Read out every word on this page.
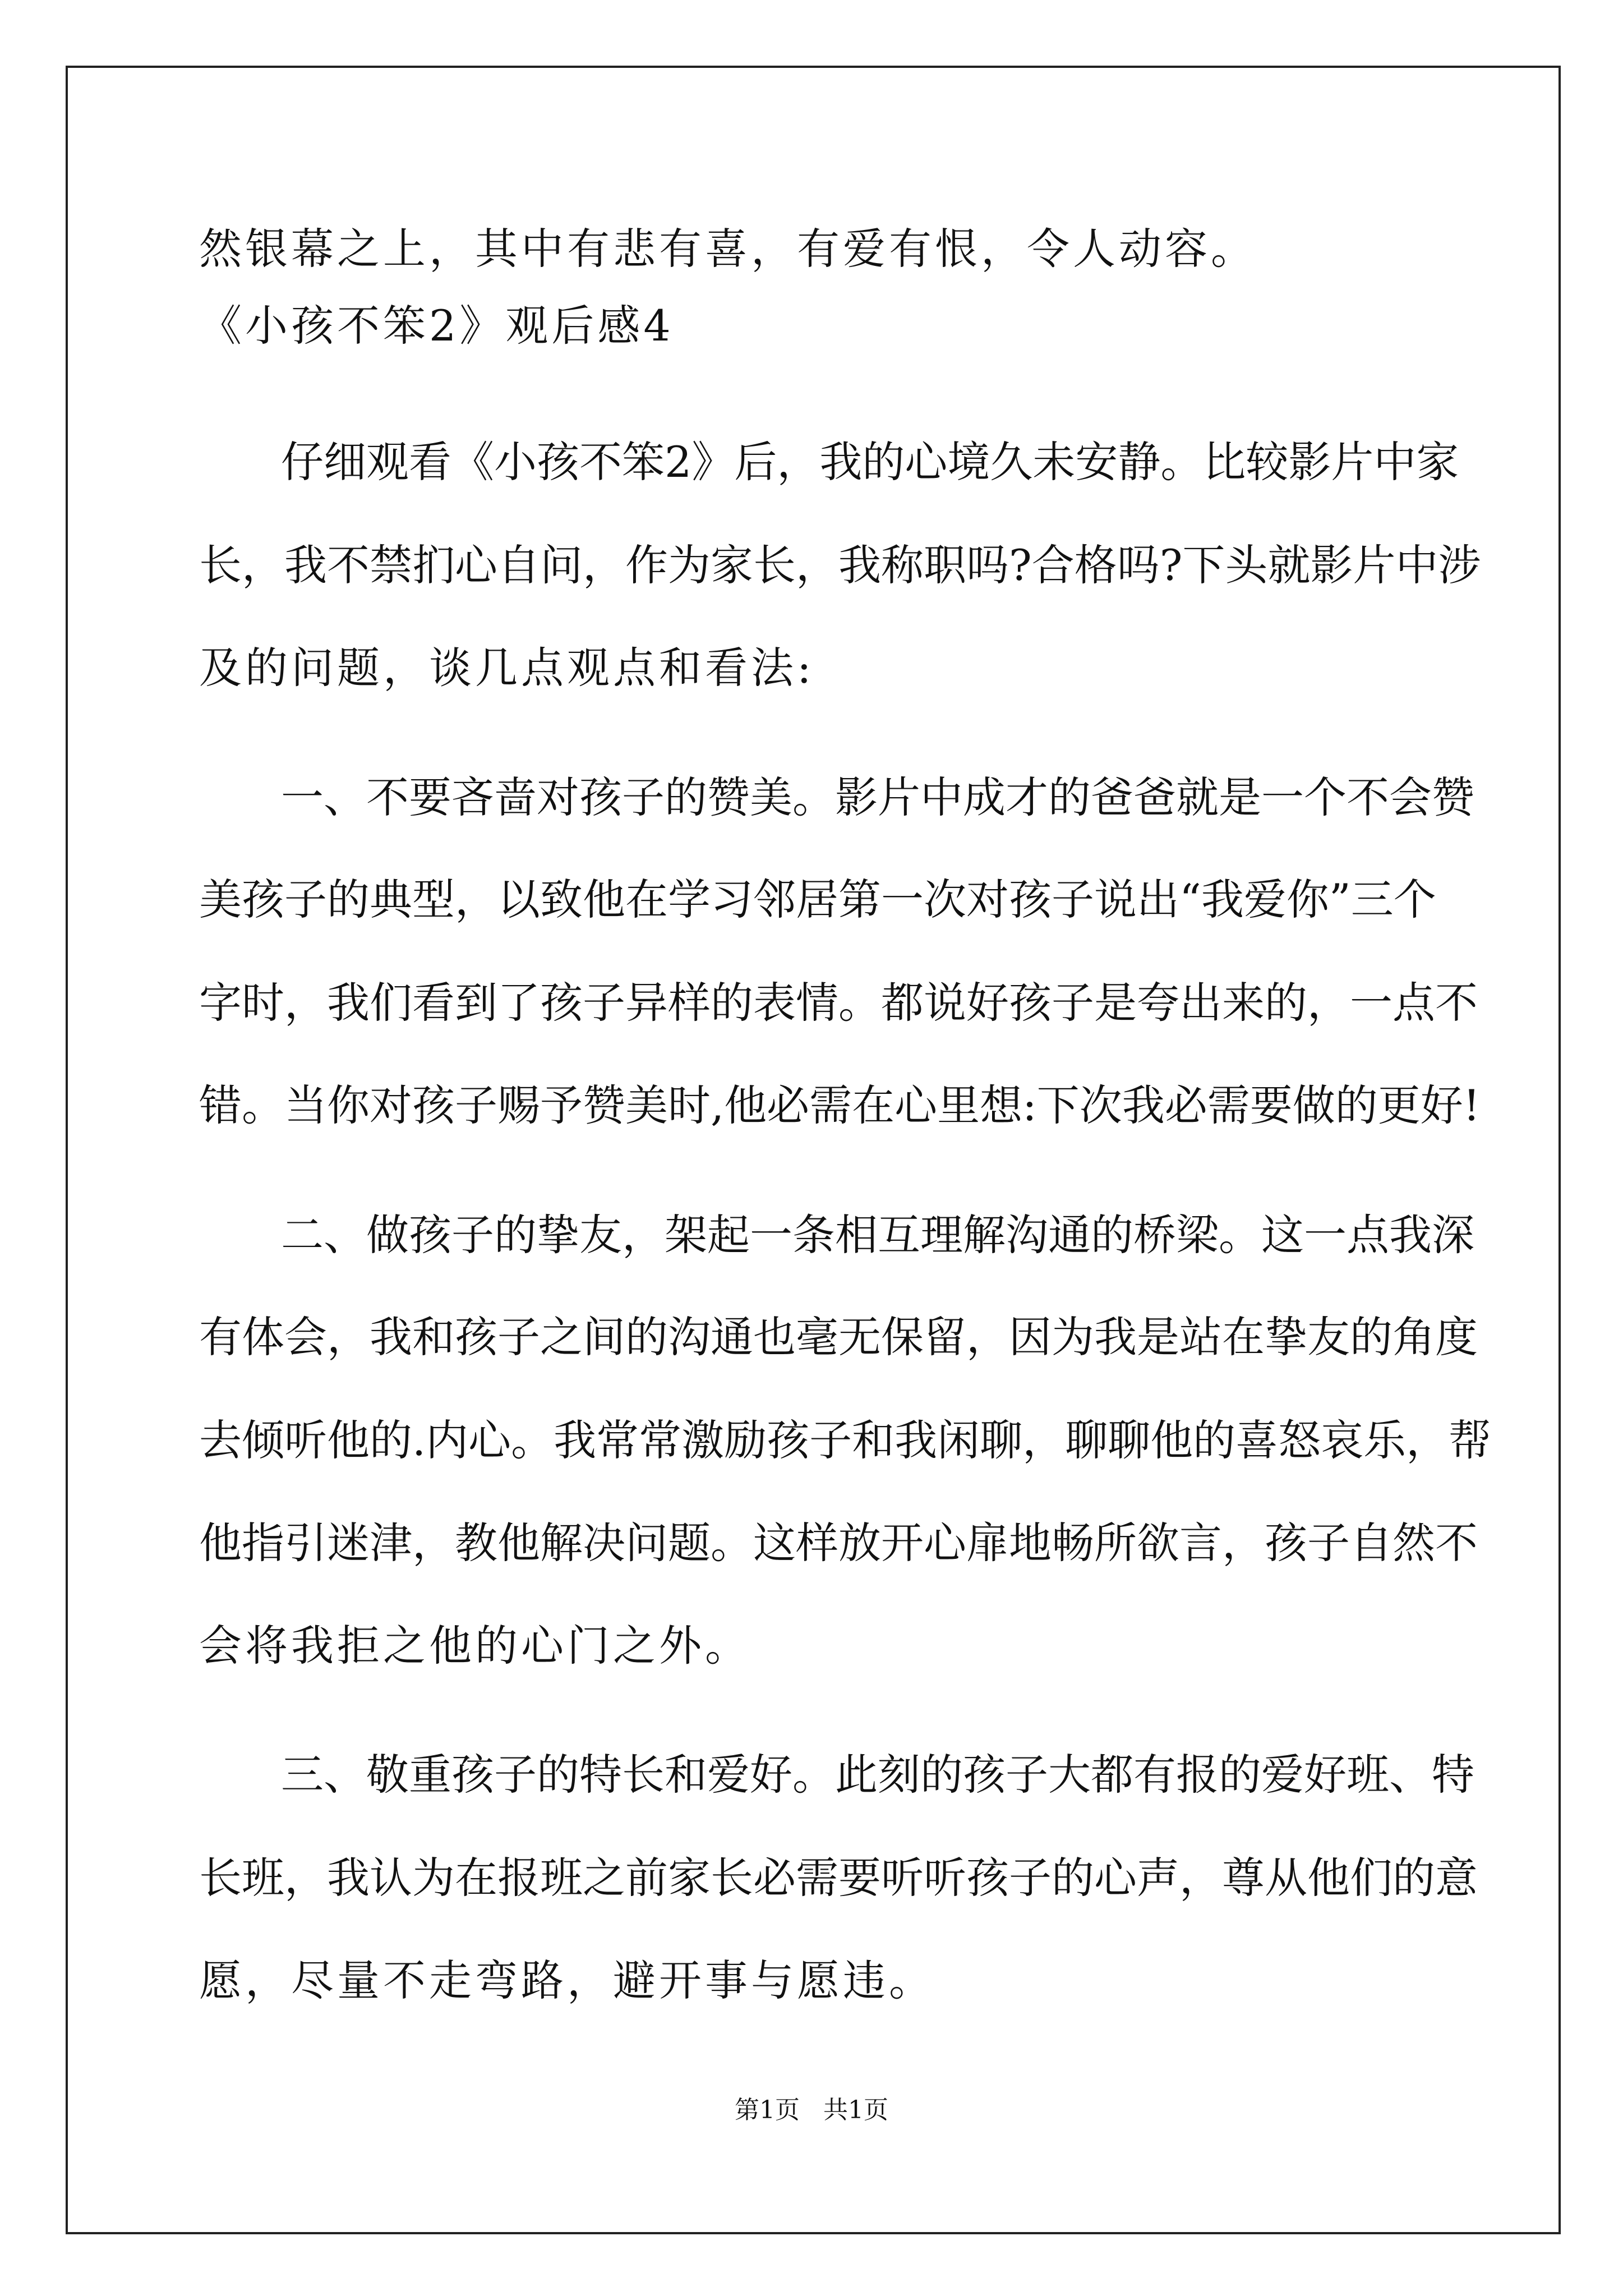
然银幕之上，其中有悲有喜，有爱有恨，令人动容。
《小孩不笨2》观后感4
仔细观看《小孩不笨2》后，我的心境久未安静。比较影片中家
长，我不禁扪心自问，作为家长，我称职吗?合格吗?下头就影片中涉
及的问题，谈几点观点和看法:
一、不要吝啬对孩子的赞美。影片中成才的爸爸就是一个不会赞
美孩子的典型，以致他在学习邻居第一次对孩子说出“我爱你”三个
字时，我们看到了孩子异样的表情。都说好孩子是夸出来的，一点不
错。当你对孩子赐予赞美时,他必需在心里想:下次我必需要做的更好!
二、做孩子的挚友，架起一条相互理解沟通的桥梁。这一点我深
有体会，我和孩子之间的沟通也毫无保留，因为我是站在挚友的角度
去倾听他的.内心。我常常激励孩子和我闲聊，聊聊他的喜怒哀乐，帮
他指引迷津，教他解决问题。这样放开心扉地畅所欲言，孩子自然不
会将我拒之他的心门之外。
三、敬重孩子的特长和爱好。此刻的孩子大都有报的爱好班、特
长班，我认为在报班之前家长必需要听听孩子的心声，尊从他们的意
愿，尽量不走弯路，避开事与愿违。
第1页 共1页
